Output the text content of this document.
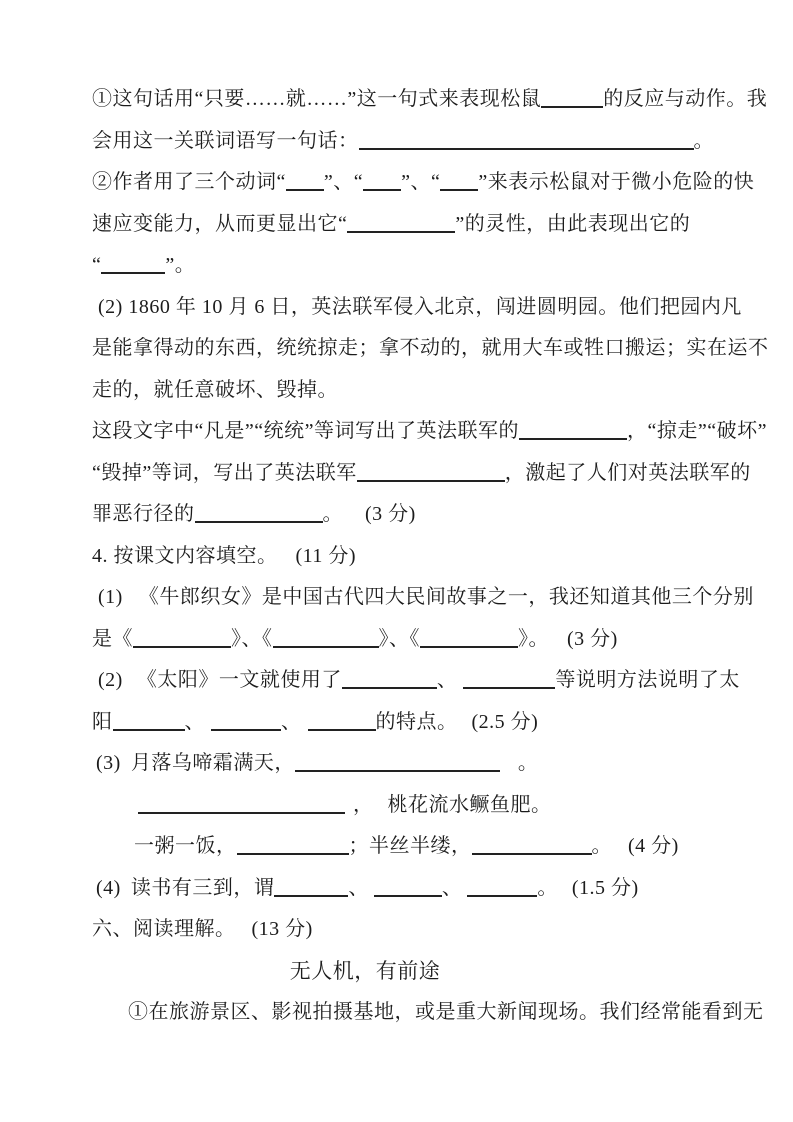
①这句话用“只要……就……”这一句式来表现松鼠	的反应与动作。我
会用这一关联词语写一句话：	。
②作者用了三个动词“ ”、“ ”、“ ”来表示松鼠对于微小危险的快
速应变能力，从而更显出它“	”的灵性，由此表现出它的
“	”。
(2) 1860 年 10 月 6 日，英法联军侵入北京，闯进圆明园。他们把园内凡
是能拿得动的东西，统统掠走；拿不动的，就用大车或牲口搬运；实在运不
走的，就任意破坏、毁掉。
这段文字中“凡是”“统统”等词写出了英法联军的	，“掠走”“破坏”
“毁掉”等词，写出了英法联军	，激起了人们对英法联军的
罪恶行径的	。 (3 分)
4. 按课文内容填空。 (11 分)
(1) 《牛郎织女》是中国古代四大民间故事之一，我还知道其他三个分别
是《	》、《	》、《	》。 (3 分)
(2) 《太阳》一文就使用了	、	等说明方法说明了太
阳	、	、	的特点。 (2.5 分)
(3) 月落乌啼霜满天，	。
， 桃花流水鳜鱼肥。
一粥一饭，	；半丝半缕，	。 (4 分)
(4) 读书有三到，谓	、	、	。 (1.5 分)
六、阅读理解。 (13 分)
无人机，有前途
①在旅游景区、影视拍摄基地，或是重大新闻现场。我们经常能看到无
